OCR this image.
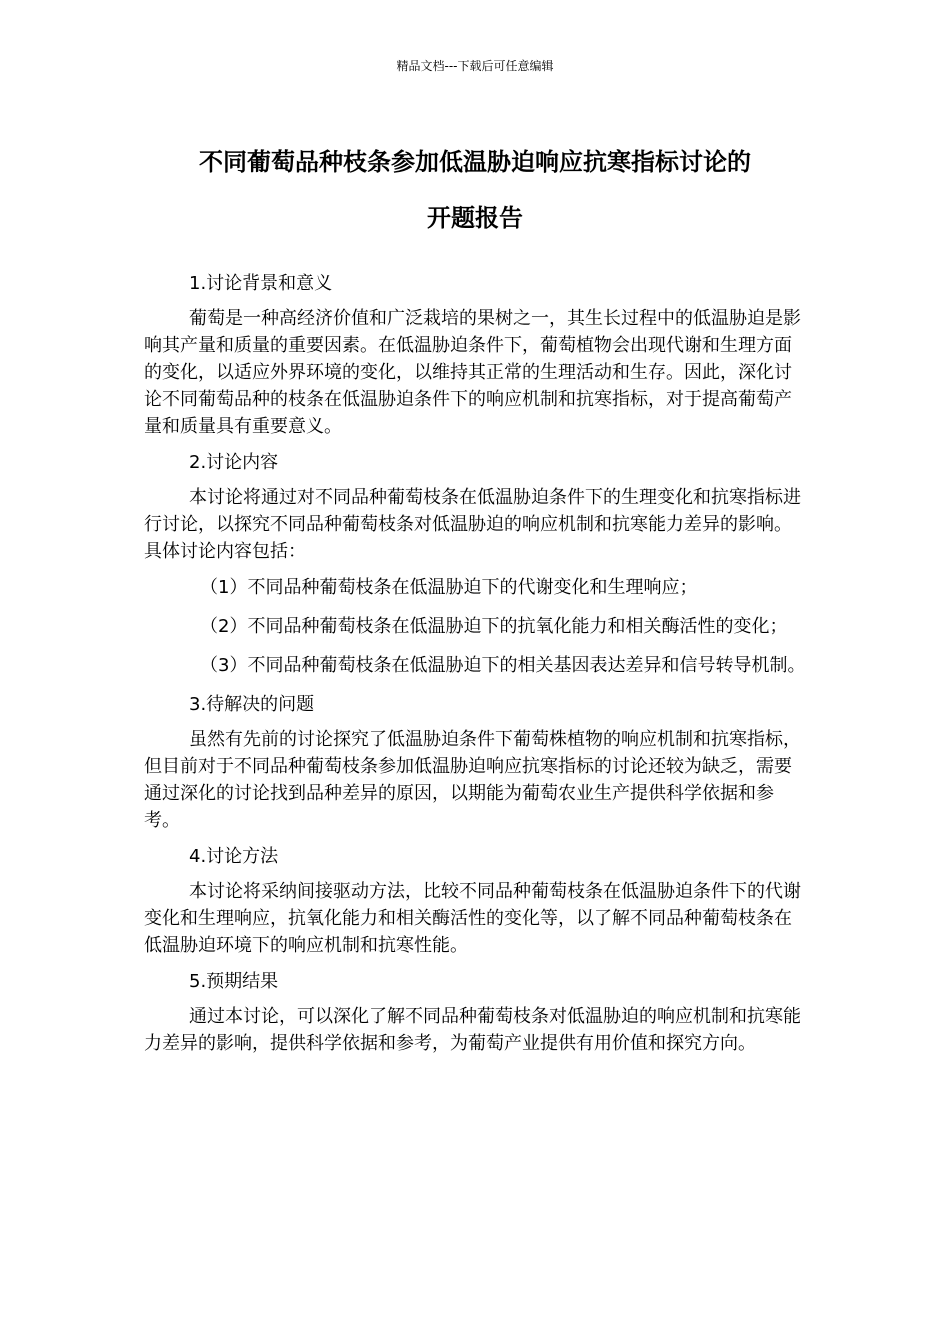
精品文档---下载后可任意编辑
不同葡萄品种枝条参加低温胁迫响应抗寒指标讨论的
开题报告

1.讨论背景和意义

葡萄是一种高经济价值和广泛栽培的果树之一，其生长过程中的低温胁迫是影响其产量和质量的重要因素。在低温胁迫条件下，葡萄植物会出现代谢和生理方面的变化，以适应外界环境的变化，以维持其正常的生理活动和生存。因此，深化讨论不同葡萄品种的枝条在低温胁迫条件下的响应机制和抗寒指标，对于提高葡萄产量和质量具有重要意义。

2.讨论内容

本讨论将通过对不同品种葡萄枝条在低温胁迫条件下的生理变化和抗寒指标进行讨论，以探究不同品种葡萄枝条对低温胁迫的响应机制和抗寒能力差异的影响。具体讨论内容包括：

（1）不同品种葡萄枝条在低温胁迫下的代谢变化和生理响应；

（2）不同品种葡萄枝条在低温胁迫下的抗氧化能力和相关酶活性的变化；

（3）不同品种葡萄枝条在低温胁迫下的相关基因表达差异和信号转导机制。

3.待解决的问题

虽然有先前的讨论探究了低温胁迫条件下葡萄株植物的响应机制和抗寒指标，但目前对于不同品种葡萄枝条参加低温胁迫响应抗寒指标的讨论还较为缺乏，需要通过深化的讨论找到品种差异的原因，以期能为葡萄农业生产提供科学依据和参考。

4.讨论方法

本讨论将采纳间接驱动方法，比较不同品种葡萄枝条在低温胁迫条件下的代谢变化和生理响应，抗氧化能力和相关酶活性的变化等，以了解不同品种葡萄枝条在低温胁迫环境下的响应机制和抗寒性能。

5.预期结果

通过本讨论，可以深化了解不同品种葡萄枝条对低温胁迫的响应机制和抗寒能力差异的影响，提供科学依据和参考，为葡萄产业提供有用价值和探究方向。
